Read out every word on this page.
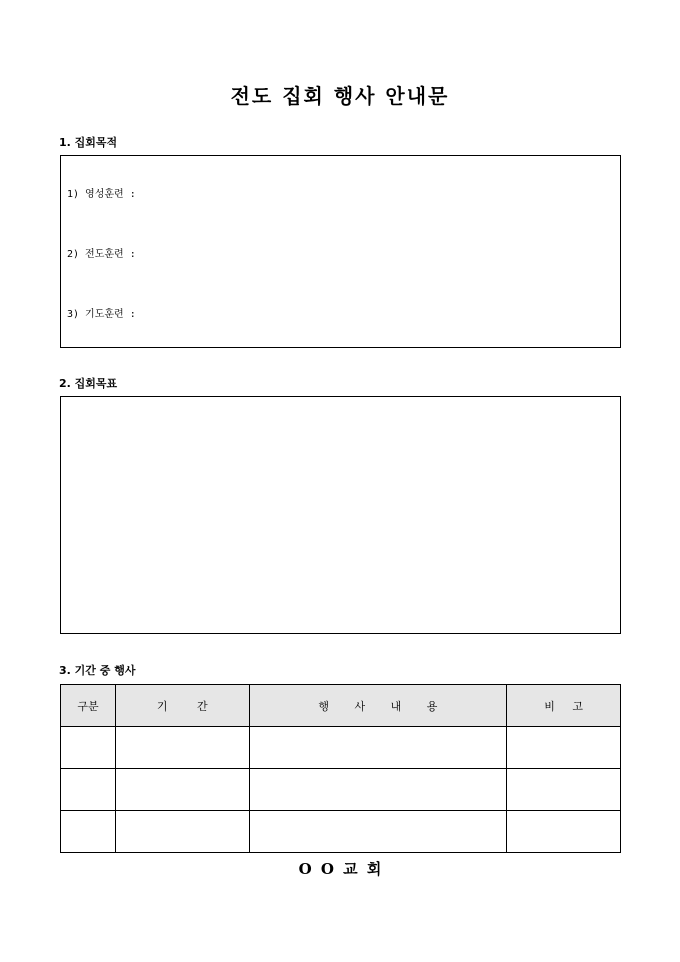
전도 집회 행사 안내문
1. 집회목적
1) 영성훈련 :
2) 전도훈련 :
3) 기도훈련 :
2. 집회목표
3. 기간 중 행사
구분	기 간	행 사 내 용	비 고

O O 교 회
